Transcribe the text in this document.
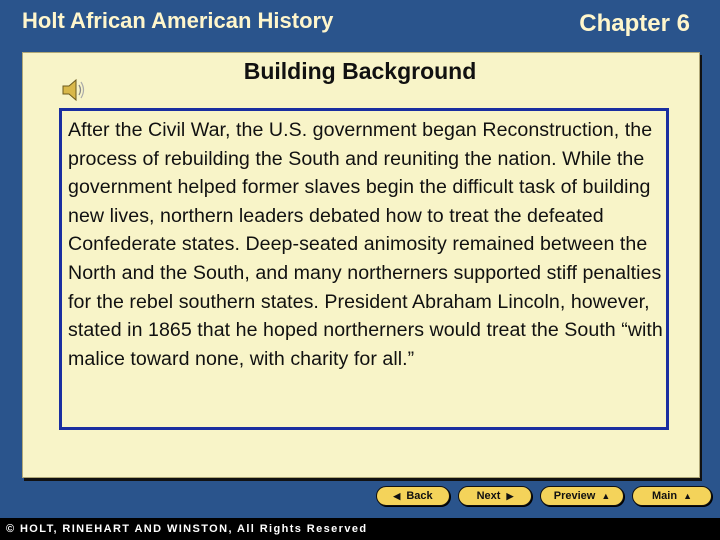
Holt African American History	Chapter 6
Building Background

After the Civil War, the U.S. government began Reconstruction, the process of rebuilding the South and reuniting the nation. While the government helped former slaves begin the difficult task of building new lives, northern leaders debated how to treat the defeated Confederate states. Deep-seated animosity remained between the North and the South, and many northerners supported stiff penalties for the rebel southern states. President Abraham Lincoln, however, stated in 1865 that he hoped northerners would treat the South “with malice toward none, with charity for all.”

◀ Back	Next ▶	Preview ▲	Main ▲
© HOLT, RINEHART AND WINSTON, All Rights Reserved
